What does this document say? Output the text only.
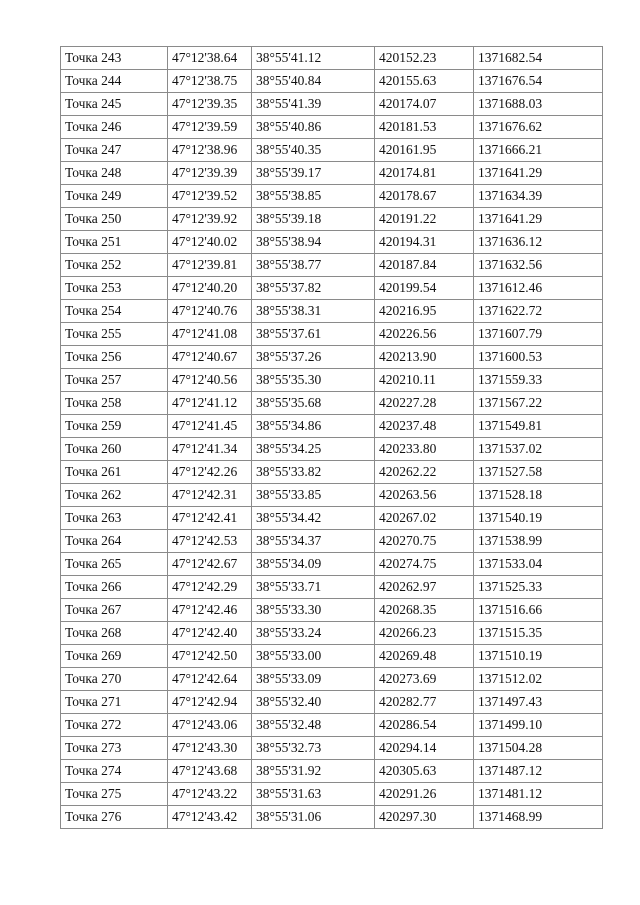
Точка 243	47°12'38.64	38°55'41.12	420152.23	1371682.54
Точка 244	47°12'38.75	38°55'40.84	420155.63	1371676.54
Точка 245	47°12'39.35	38°55'41.39	420174.07	1371688.03
Точка 246	47°12'39.59	38°55'40.86	420181.53	1371676.62
Точка 247	47°12'38.96	38°55'40.35	420161.95	1371666.21
Точка 248	47°12'39.39	38°55'39.17	420174.81	1371641.29
Точка 249	47°12'39.52	38°55'38.85	420178.67	1371634.39
Точка 250	47°12'39.92	38°55'39.18	420191.22	1371641.29
Точка 251	47°12'40.02	38°55'38.94	420194.31	1371636.12
Точка 252	47°12'39.81	38°55'38.77	420187.84	1371632.56
Точка 253	47°12'40.20	38°55'37.82	420199.54	1371612.46
Точка 254	47°12'40.76	38°55'38.31	420216.95	1371622.72
Точка 255	47°12'41.08	38°55'37.61	420226.56	1371607.79
Точка 256	47°12'40.67	38°55'37.26	420213.90	1371600.53
Точка 257	47°12'40.56	38°55'35.30	420210.11	1371559.33
Точка 258	47°12'41.12	38°55'35.68	420227.28	1371567.22
Точка 259	47°12'41.45	38°55'34.86	420237.48	1371549.81
Точка 260	47°12'41.34	38°55'34.25	420233.80	1371537.02
Точка 261	47°12'42.26	38°55'33.82	420262.22	1371527.58
Точка 262	47°12'42.31	38°55'33.85	420263.56	1371528.18
Точка 263	47°12'42.41	38°55'34.42	420267.02	1371540.19
Точка 264	47°12'42.53	38°55'34.37	420270.75	1371538.99
Точка 265	47°12'42.67	38°55'34.09	420274.75	1371533.04
Точка 266	47°12'42.29	38°55'33.71	420262.97	1371525.33
Точка 267	47°12'42.46	38°55'33.30	420268.35	1371516.66
Точка 268	47°12'42.40	38°55'33.24	420266.23	1371515.35
Точка 269	47°12'42.50	38°55'33.00	420269.48	1371510.19
Точка 270	47°12'42.64	38°55'33.09	420273.69	1371512.02
Точка 271	47°12'42.94	38°55'32.40	420282.77	1371497.43
Точка 272	47°12'43.06	38°55'32.48	420286.54	1371499.10
Точка 273	47°12'43.30	38°55'32.73	420294.14	1371504.28
Точка 274	47°12'43.68	38°55'31.92	420305.63	1371487.12
Точка 275	47°12'43.22	38°55'31.63	420291.26	1371481.12
Точка 276	47°12'43.42	38°55'31.06	420297.30	1371468.99
